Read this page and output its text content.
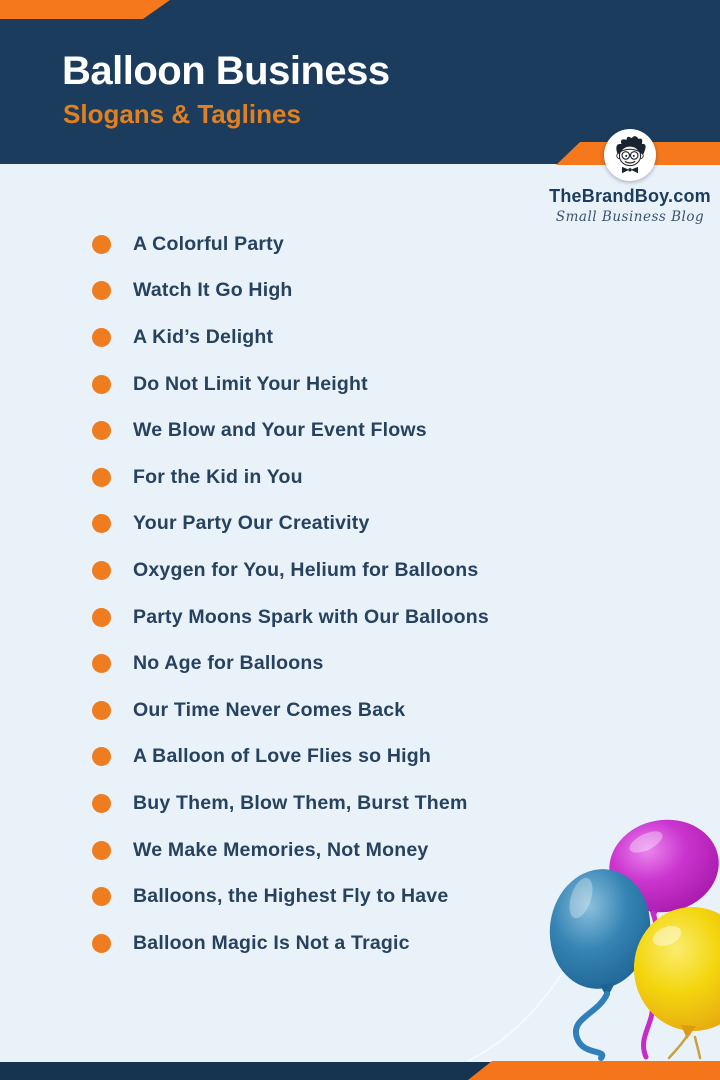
Balloon Business
Slogans & Taglines
TheBrandBoy.com
Small Business Blog
A Colorful Party
Watch It Go High
A Kid’s Delight
Do Not Limit Your Height
We Blow and Your Event Flows
For the Kid in You
Your Party Our Creativity
Oxygen for You, Helium for Balloons
Party Moons Spark with Our Balloons
No Age for Balloons
Our Time Never Comes Back
A Balloon of Love Flies so High
Buy Them, Blow Them, Burst Them
We Make Memories, Not Money
Balloons, the Highest Fly to Have
Balloon Magic Is Not a Tragic
